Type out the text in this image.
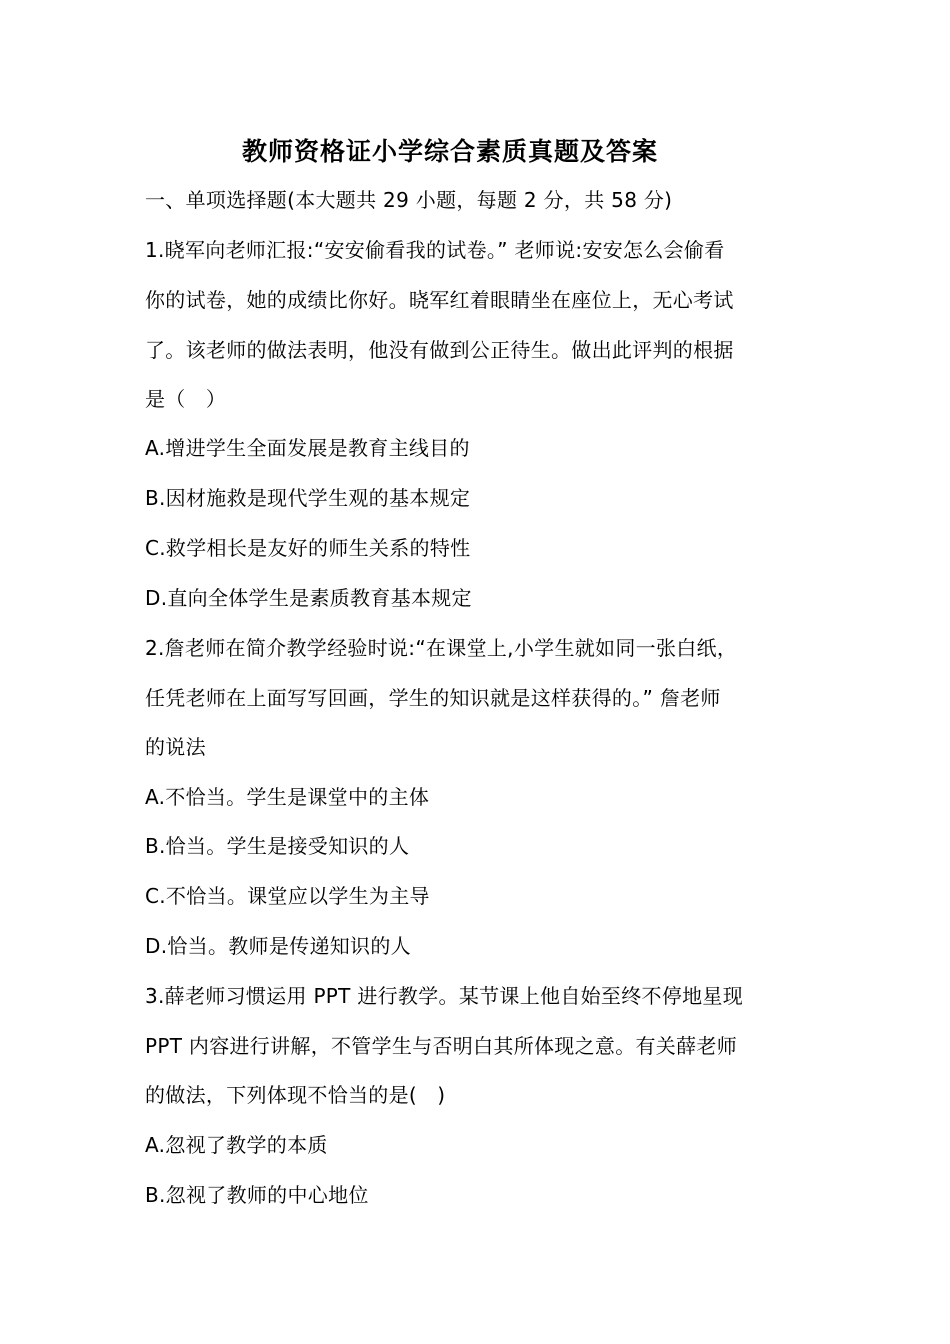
教师资格证小学综合素质真题及答案
一、单项选择题(本大题共 29 小题，每题 2 分，共 58 分)
1.晓军向老师汇报:“安安偷看我的试卷。” 老师说:安安怎么会偷看
你的试卷，她的成绩比你好。晓军红着眼睛坐在座位上，无心考试
了。该老师的做法表明，他没有做到公正待生。做出此评判的根据
是（　）
A.增进学生全面发展是教育主线目的
B.因材施救是现代学生观的基本规定
C.救学相长是友好的师生关系的特性
D.直向全体学生是素质教育基本规定
2.詹老师在简介教学经验时说:“在课堂上,小学生就如同一张白纸，
任凭老师在上面写写回画，学生的知识就是这样获得的。” 詹老师
的说法
A.不恰当。学生是课堂中的主体
B.恰当。学生是接受知识的人
C.不恰当。课堂应以学生为主导
D.恰当。教师是传递知识的人
3.薛老师习惯运用 PPT 进行教学。某节课上他自始至终不停地星现
PPT 内容进行讲解，不管学生与否明白其所体现之意。有关薛老师
的做法，下列体现不恰当的是(　)
A.忽视了教学的本质
B.忽视了教师的中心地位
